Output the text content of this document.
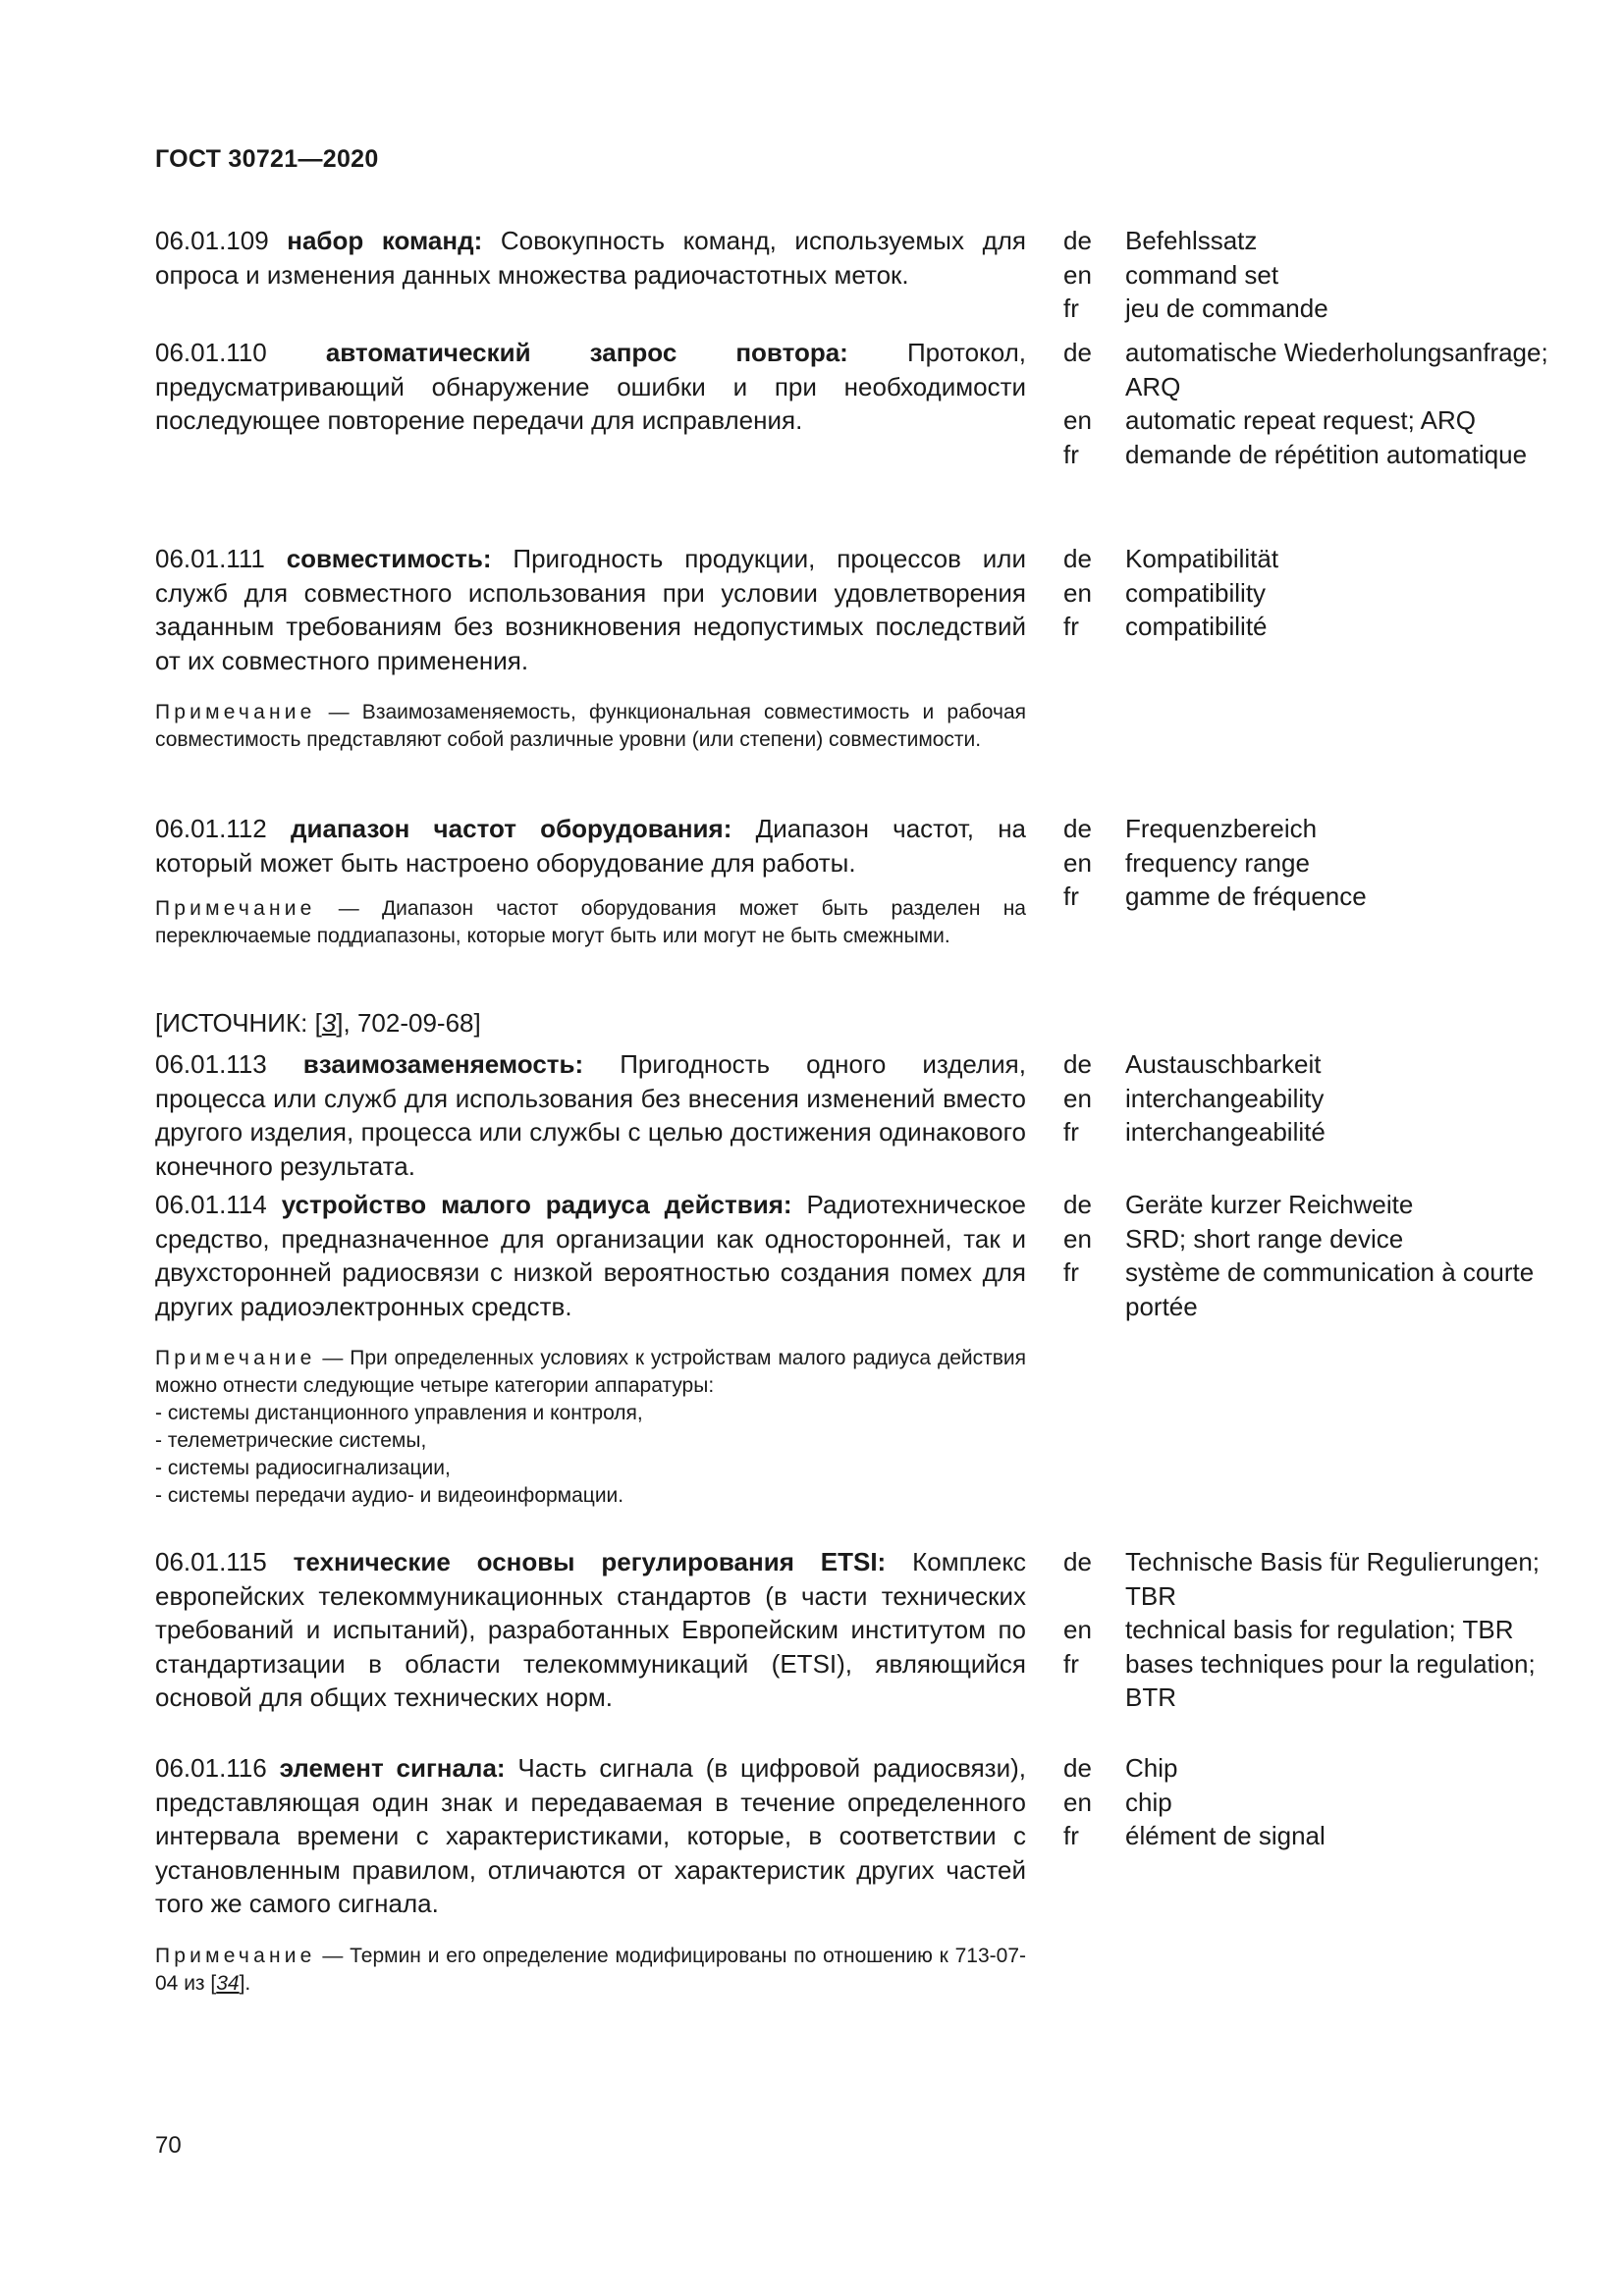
ГОСТ 30721—2020

06.01.109 набор команд: Совокупность команд, используемых для опроса и изменения данных множества радиочастотных меток.

de	Befehlssatz
en	command set
fr	jeu de commande

06.01.110 автоматический запрос повтора: Протокол, предусматривающий обнаружение ошибки и при необходимости последующее повторение передачи для исправления.

de	automatische Wiederholungsanfrage; ARQ
en	automatic repeat request; ARQ
fr	demande de répétition automatique

06.01.111 совместимость: Пригодность продукции, процессов или служб для совместного использования при условии удовлетворения заданным требованиям без возникновения недопустимых последствий от их совместного применения.

Примечание — Взаимозаменяемость, функциональная совместимость и рабочая совместимость представляют собой различные уровни (или степени) совместимости.

de	Kompatibilität
en	compatibility
fr	compatibilité

06.01.112 диапазон частот оборудования: Диапазон частот, на который может быть настроено оборудование для работы.

Примечание — Диапазон частот оборудования может быть разделен на переключаемые поддиапазоны, которые могут быть или могут не быть смежными.

de	Frequenzbereich
en	frequency range
fr	gamme de fréquence
[ИСТОЧНИК: [3], 702-09-68]

06.01.113 взаимозаменяемость: Пригодность одного изделия, процесса или служб для использования без внесения изменений вместо другого изделия, процесса или службы с целью достижения одинакового конечного результата.

de	Austauschbarkeit
en	interchangeability
fr	interchangeabilité

06.01.114 устройство малого радиуса действия: Радиотехническое средство, предназначенное для организации как односторонней, так и двухсторонней радиосвязи с низкой вероятностью создания помех для других радиоэлектронных средств.

Примечание — При определенных условиях к устройствам малого радиуса действия можно отнести следующие четыре категории аппаратуры:

- системы дистанционного управления и контроля,
- телеметрические системы,
- системы радиосигнализации,
- системы передачи аудио- и видеоинформации.
de	Geräte kurzer Reichweite
en	SRD; short range device
fr	système de communication à courte portée

06.01.115 технические основы регулирования ETSI: Комплекс европейских телекоммуникационных стандартов (в части технических требований и испытаний), разработанных Европейским институтом по стандартизации в области телекоммуникаций (ETSI), являющийся основой для общих технических норм.

de	Technische Basis für Regulierungen; TBR
en	technical basis for regulation; TBR
fr	bases techniques pour la regulation; BTR

06.01.116 элемент сигнала: Часть сигнала (в цифровой радиосвязи), представляющая один знак и передаваемая в течение определенного интервала времени с характеристиками, которые, в соответствии с установленным правилом, отличаются от характеристик других частей того же самого сигнала.

Примечание — Термин и его определение модифицированы по отношению к 713-07-04 из [34].

de	Chip
en	chip
fr	élément de signal
70
